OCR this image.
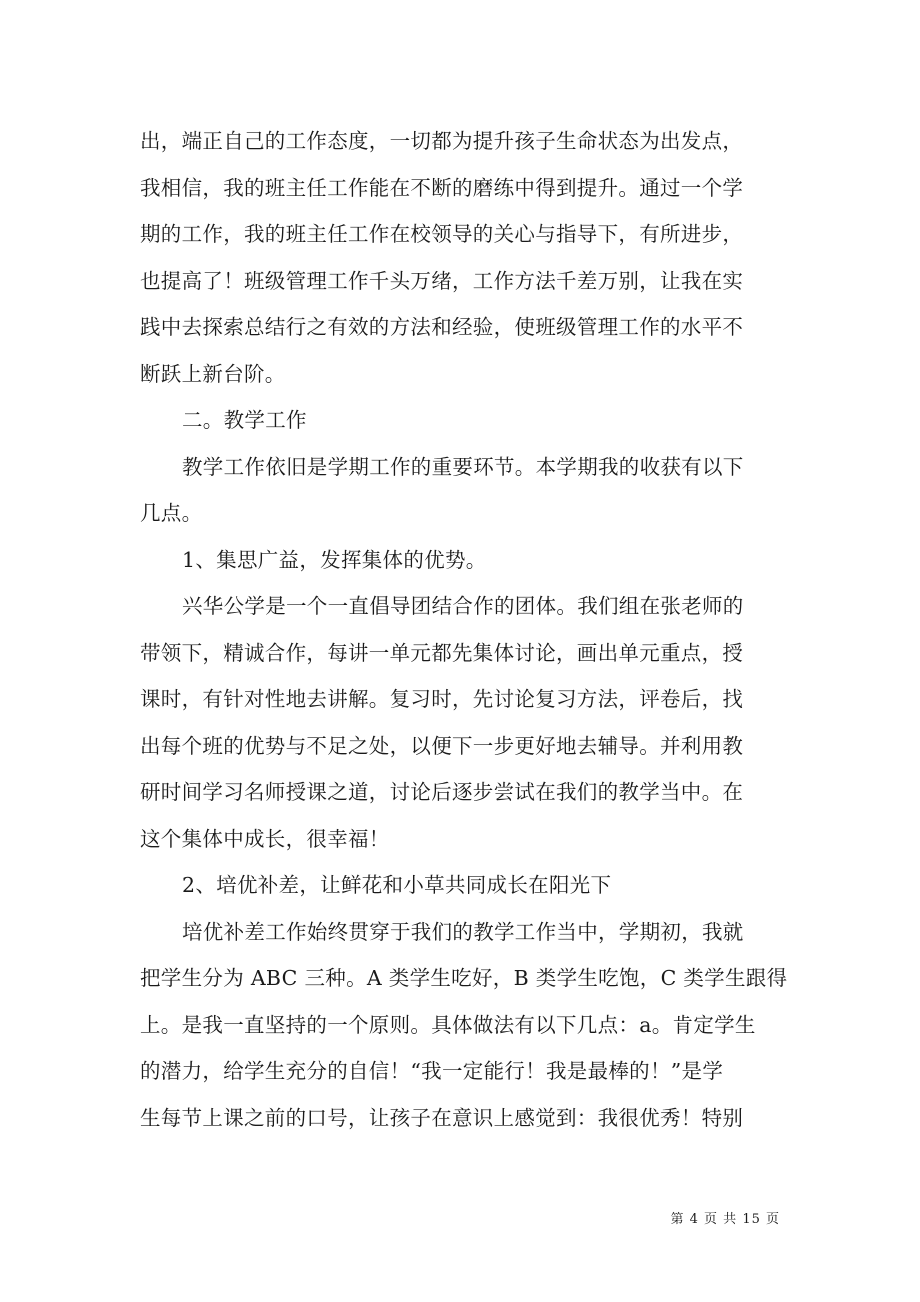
出，端正自己的工作态度，一切都为提升孩子生命状态为出发点，
我相信，我的班主任工作能在不断的磨练中得到提升。通过一个学
期的工作，我的班主任工作在校领导的关心与指导下，有所进步，
也提高了！班级管理工作千头万绪，工作方法千差万别，让我在实
践中去探索总结行之有效的方法和经验，使班级管理工作的水平不
断跃上新台阶。
二。教学工作
教学工作依旧是学期工作的重要环节。本学期我的收获有以下
几点。
1、集思广益，发挥集体的优势。
兴华公学是一个一直倡导团结合作的团体。我们组在张老师的
带领下，精诚合作，每讲一单元都先集体讨论，画出单元重点，授
课时，有针对性地去讲解。复习时，先讨论复习方法，评卷后，找
出每个班的优势与不足之处，以便下一步更好地去辅导。并利用教
研时间学习名师授课之道，讨论后逐步尝试在我们的教学当中。在
这个集体中成长，很幸福！
2、培优补差，让鲜花和小草共同成长在阳光下
培优补差工作始终贯穿于我们的教学工作当中，学期初，我就
把学生分为 ABC 三种。A 类学生吃好，B 类学生吃饱，C 类学生跟得
上。是我一直坚持的一个原则。具体做法有以下几点：a。肯定学生
的潜力，给学生充分的自信！“我一定能行！我是最棒的！”是学
生每节上课之前的口号，让孩子在意识上感觉到：我很优秀！特别
第 4 页 共 15 页
